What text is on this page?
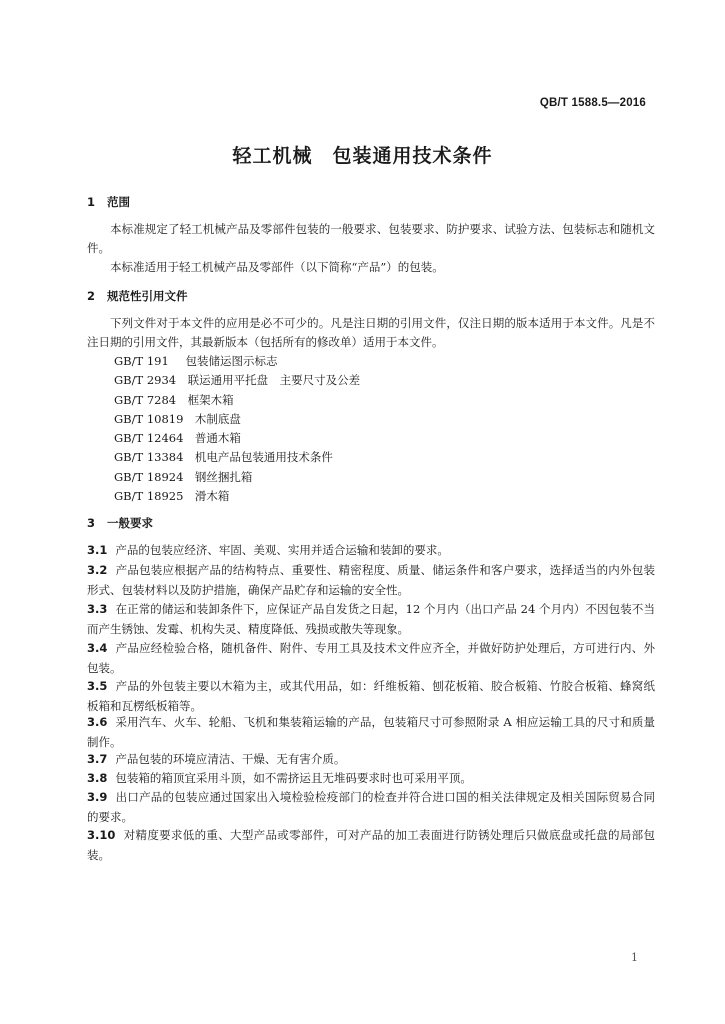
QB/T 1588.5—2016
轻工机械 包装通用技术条件
1 范围
本标准规定了轻工机械产品及零部件包装的一般要求、包装要求、防护要求、试验方法、包装标志和随机文件。
本标准适用于轻工机械产品及零部件（以下简称“产品”）的包装。
2 规范性引用文件
下列文件对于本文件的应用是必不可少的。凡是注日期的引用文件，仅注日期的版本适用于本文件。凡是不注日期的引用文件，其最新版本（包括所有的修改单）适用于本文件。
GB/T 191　 包装储运图示标志
GB/T 2934　 联运通用平托盘　主要尺寸及公差
GB/T 7284　 框架木箱
GB/T 10819　 木制底盘
GB/T 12464　 普通木箱
GB/T 13384　 机电产品包装通用技术条件
GB/T 18924　 钢丝捆扎箱
GB/T 18925　 滑木箱
3 一般要求
3.1 产品的包装应经济、牢固、美观、实用并适合运输和装卸的要求。
3.2 产品包装应根据产品的结构特点、重要性、精密程度、质量、储运条件和客户要求，选择适当的内外包装形式、包装材料以及防护措施，确保产品贮存和运输的安全性。
3.3 在正常的储运和装卸条件下，应保证产品自发货之日起，12 个月内（出口产品 24 个月内）不因包装不当而产生锈蚀、发霉、机构失灵、精度降低、残损或散失等现象。
3.4 产品应经检验合格，随机备件、附件、专用工具及技术文件应齐全，并做好防护处理后，方可进行内、外包装。
3.5 产品的外包装主要以木箱为主，或其代用品，如：纤维板箱、刨花板箱、胶合板箱、竹胶合板箱、蜂窝纸板箱和瓦楞纸板箱等。
3.6 采用汽车、火车、轮船、飞机和集装箱运输的产品，包装箱尺寸可参照附录 A 相应运输工具的尺寸和质量制作。
3.7 产品包装的环境应清洁、干燥、无有害介质。
3.8 包装箱的箱顶宜采用斗顶，如不需挤运且无堆码要求时也可采用平顶。
3.9 出口产品的包装应通过国家出入境检验检疫部门的检查并符合进口国的相关法律规定及相关国际贸易合同的要求。
3.10 对精度要求低的重、大型产品或零部件，可对产品的加工表面进行防锈处理后只做底盘或托盘的局部包装。
1
